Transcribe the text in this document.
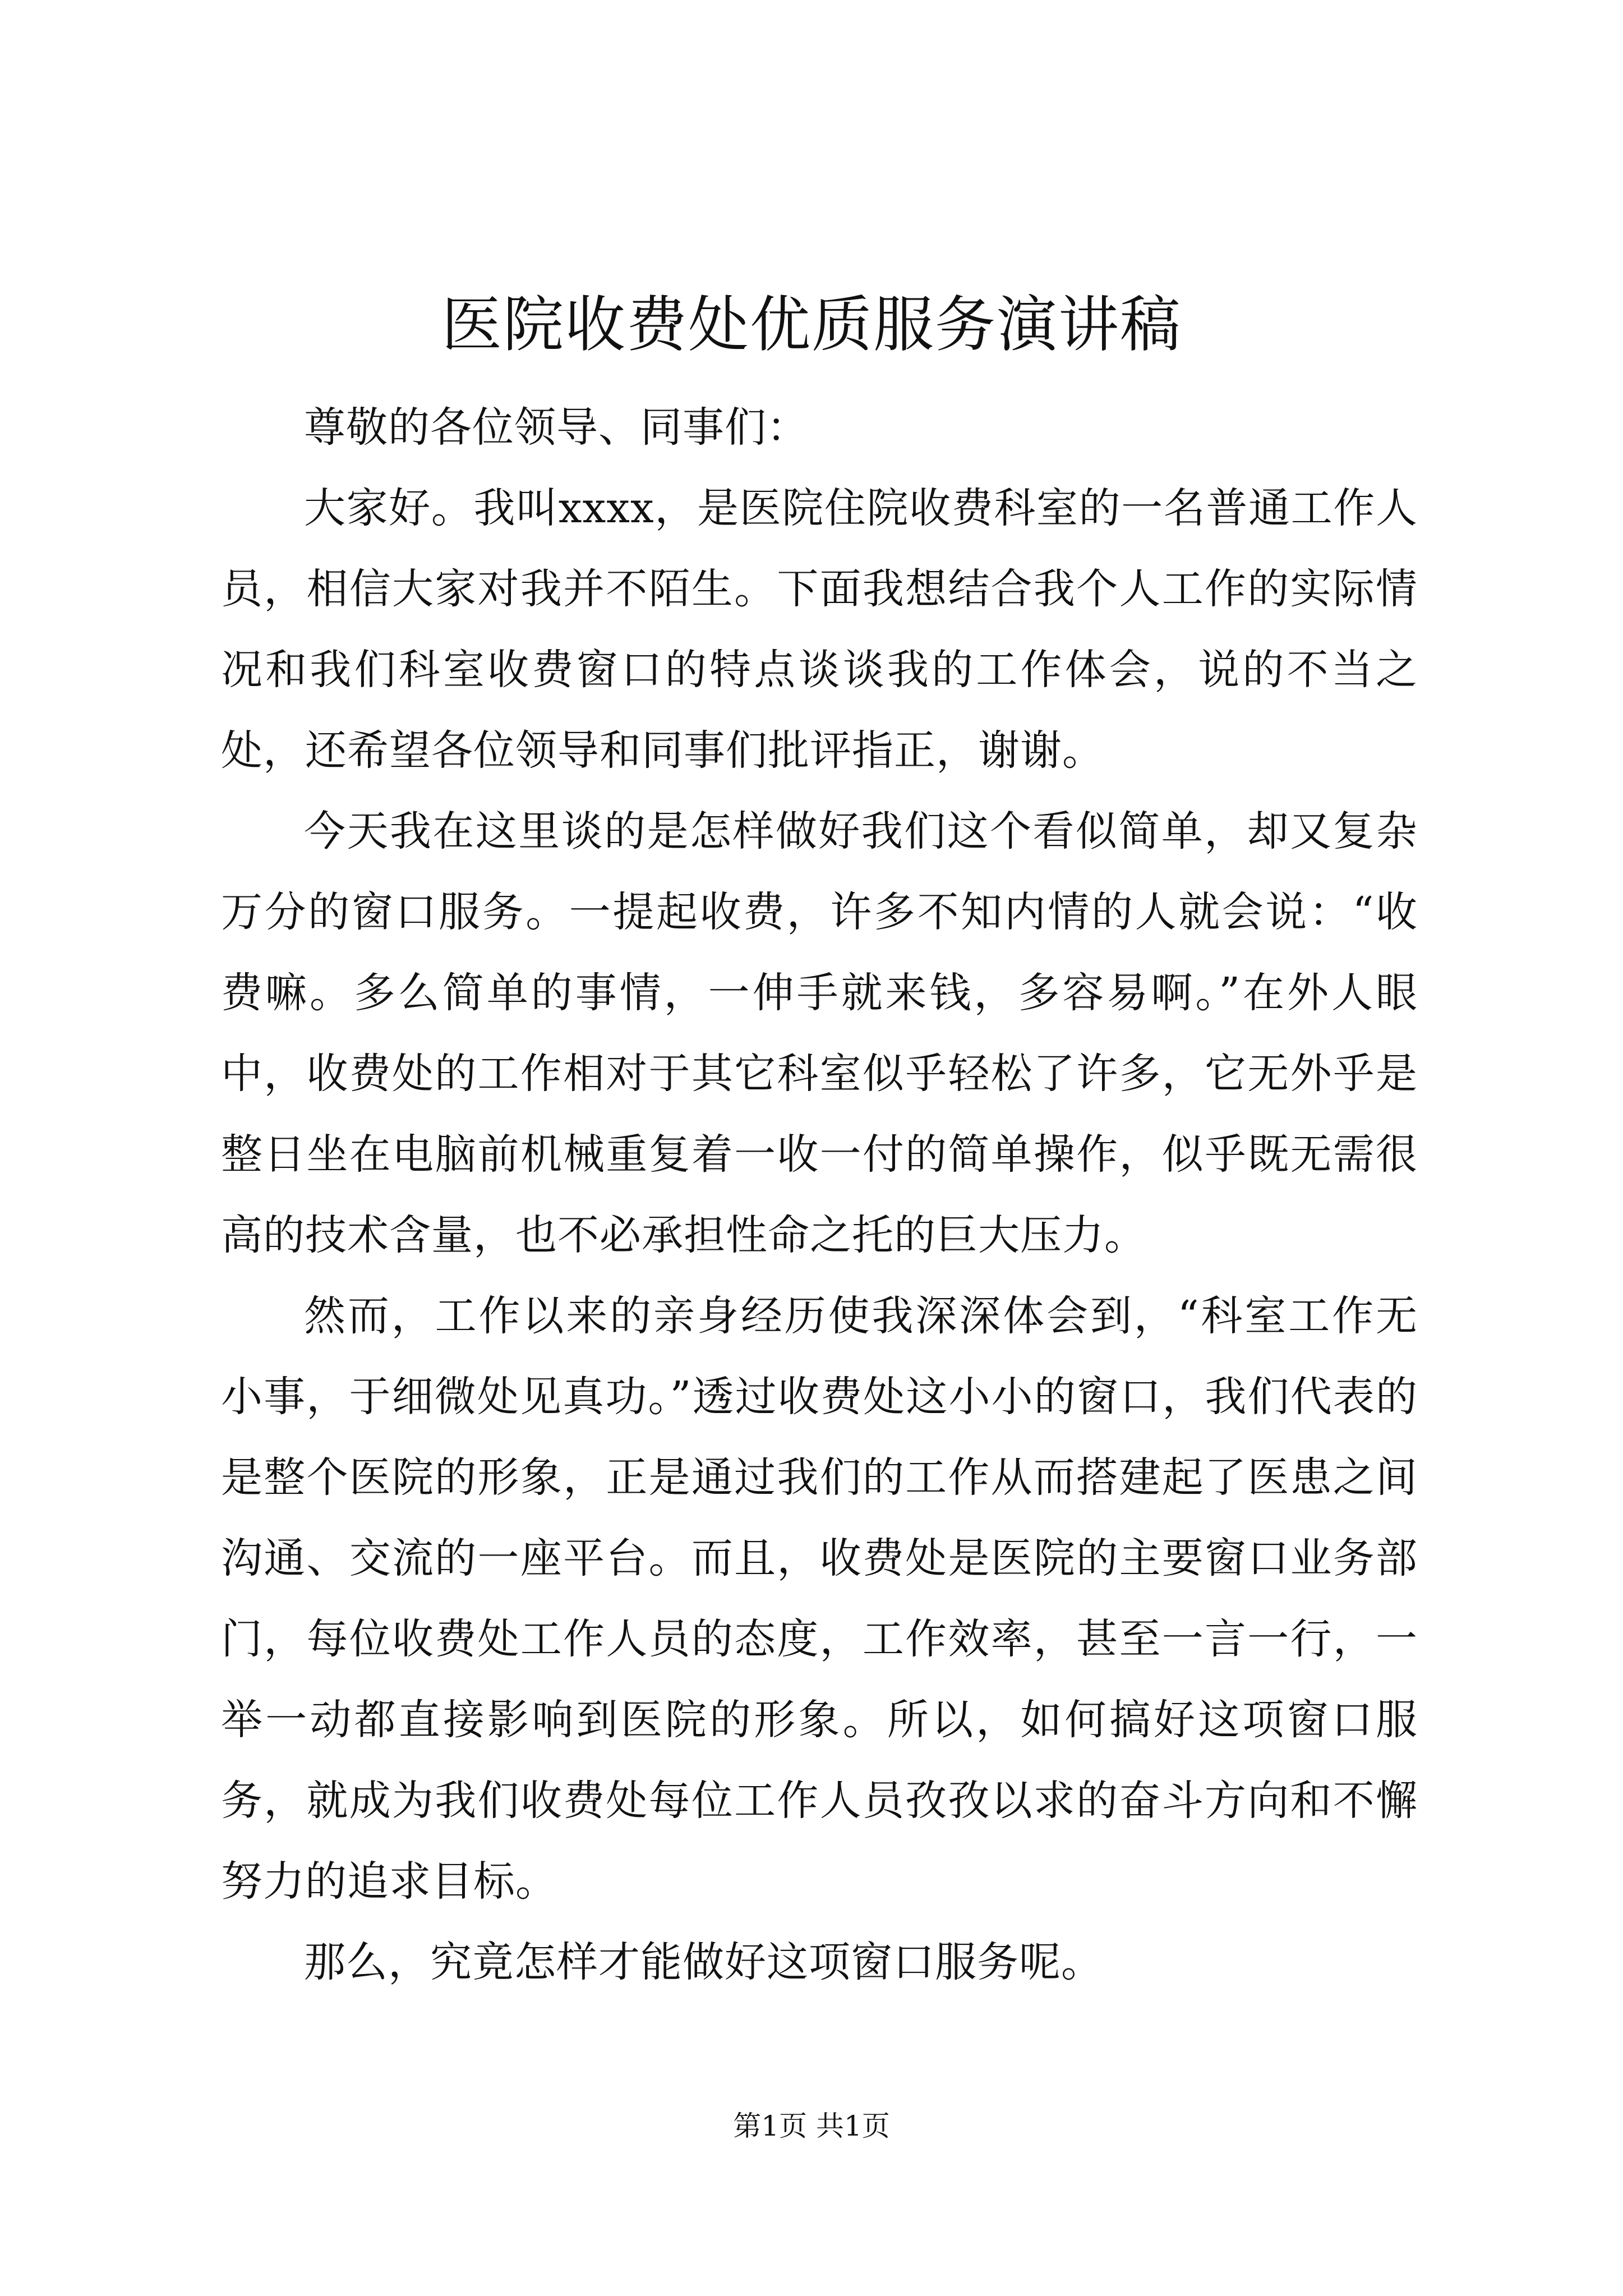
医院收费处优质服务演讲稿

尊敬的各位领导、同事们：

大家好。我叫xxxx，是医院住院收费科室的一名普通工作人员，相信大家对我并不陌生。下面我想结合我个人工作的实际情况和我们科室收费窗口的特点谈谈我的工作体会，说的不当之处，还希望各位领导和同事们批评指正，谢谢。

今天我在这里谈的是怎样做好我们这个看似简单，却又复杂万分的窗口服务。一提起收费，许多不知内情的人就会说：“收费嘛。多么简单的事情，一伸手就来钱，多容易啊。”在外人眼中，收费处的工作相对于其它科室似乎轻松了许多，它无外乎是整日坐在电脑前机械重复着一收一付的简单操作，似乎既无需很高的技术含量，也不必承担性命之托的巨大压力。

然而，工作以来的亲身经历使我深深体会到，“科室工作无小事，于细微处见真功。”透过收费处这小小的窗口，我们代表的是整个医院的形象，正是通过我们的工作从而搭建起了医患之间沟通、交流的一座平台。而且，收费处是医院的主要窗口业务部门，每位收费处工作人员的态度，工作效率，甚至一言一行，一举一动都直接影响到医院的形象。所以，如何搞好这项窗口服务，就成为我们收费处每位工作人员孜孜以求的奋斗方向和不懈努力的追求目标。

那么，究竟怎样才能做好这项窗口服务呢。

第1页 共1页
